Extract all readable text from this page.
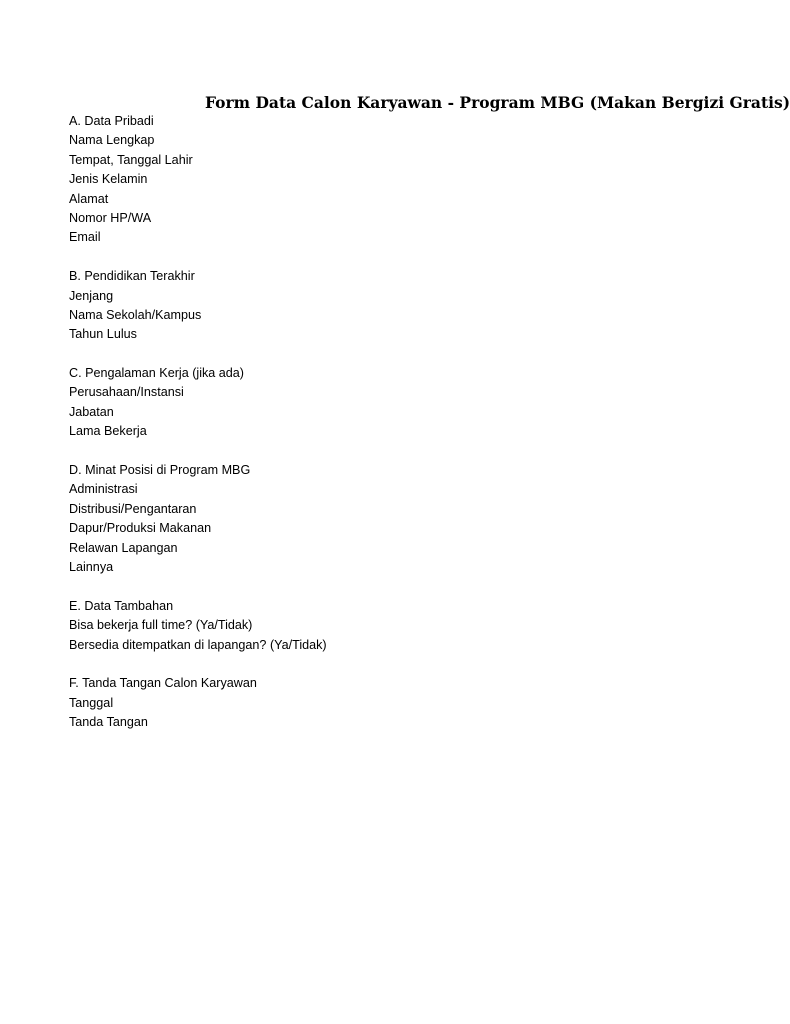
Form Data Calon Karyawan - Program MBG (Makan Bergizi Gratis)
A. Data Pribadi
Nama Lengkap
Tempat, Tanggal Lahir
Jenis Kelamin
Alamat
Nomor HP/WA
Email
B. Pendidikan Terakhir
Jenjang
Nama Sekolah/Kampus
Tahun Lulus
C. Pengalaman Kerja (jika ada)
Perusahaan/Instansi
Jabatan
Lama Bekerja
D. Minat Posisi di Program MBG
Administrasi
Distribusi/Pengantaran
Dapur/Produksi Makanan
Relawan Lapangan
Lainnya
E. Data Tambahan
Bisa bekerja full time? (Ya/Tidak)
Bersedia ditempatkan di lapangan? (Ya/Tidak)
F. Tanda Tangan Calon Karyawan
Tanggal
Tanda Tangan
